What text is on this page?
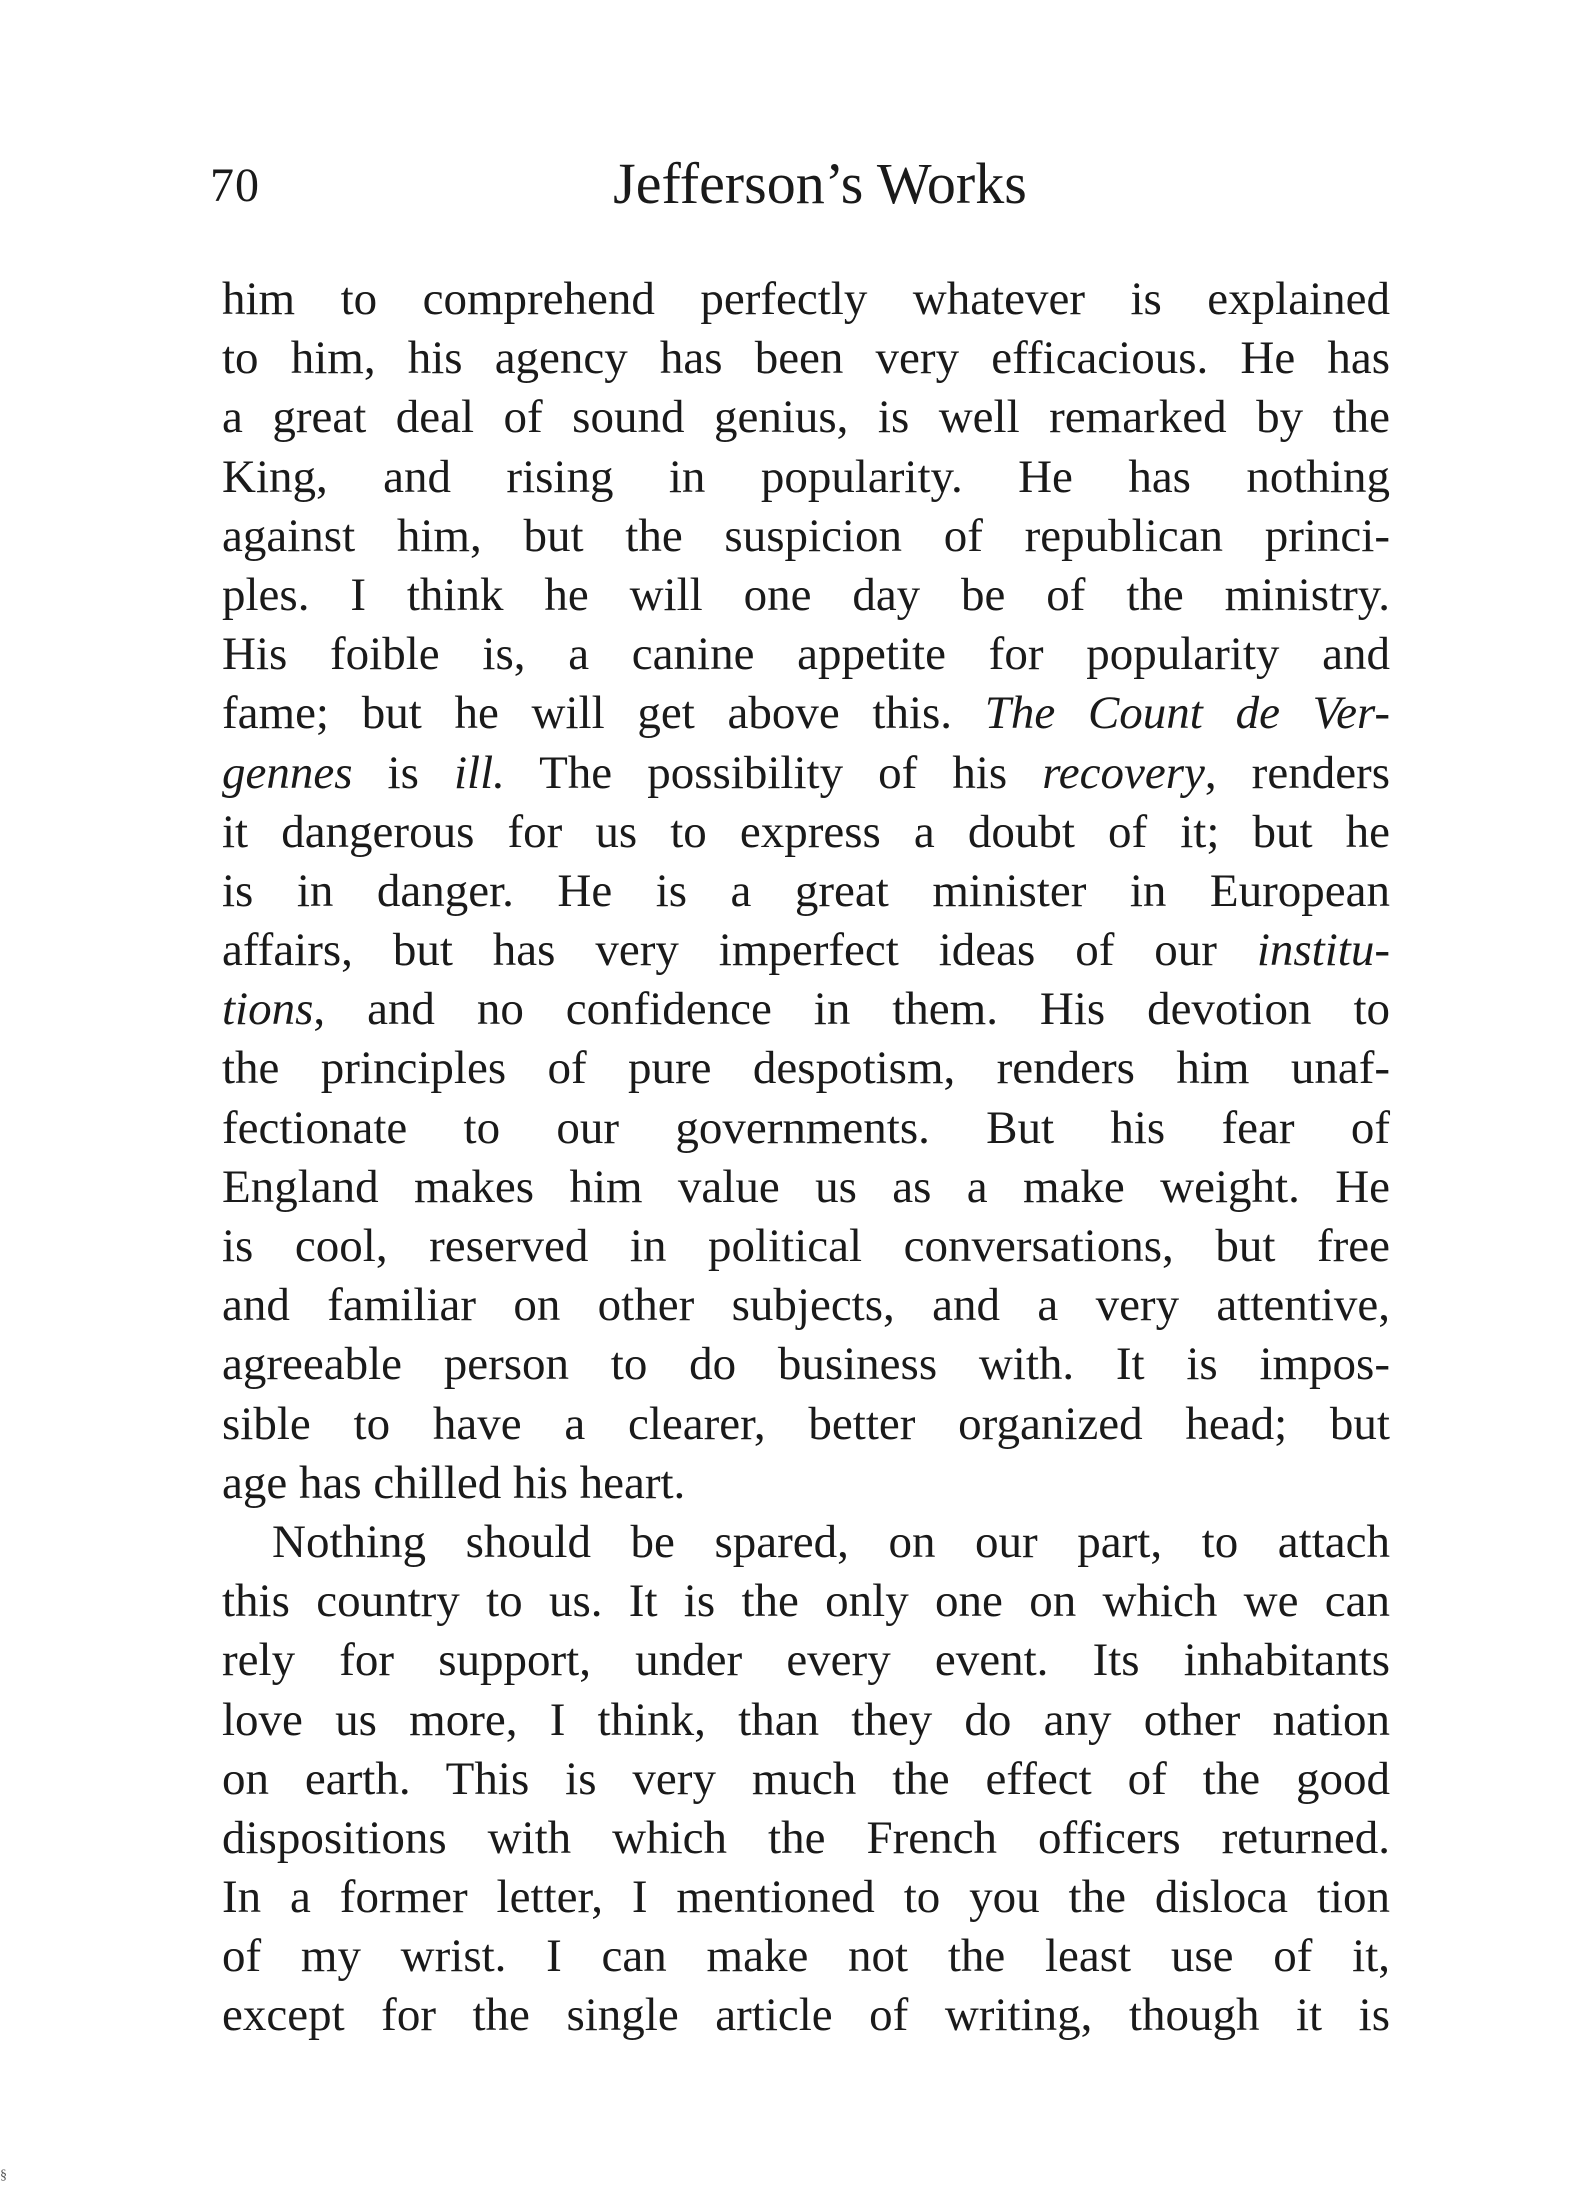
70	Jefferson’s Works
him to comprehend perfectly whatever is explained
to him, his agency has been very efficacious. He has
a great deal of sound genius, is well remarked by the
King, and rising in popularity. He has nothing
against him, but the suspicion of republican princi-
ples. I think he will one day be of the ministry.
His foible is, a canine appetite for popularity and
fame; but he will get above this. The Count de Ver-
gennes is ill. The possibility of his recovery, renders
it dangerous for us to express a doubt of it; but he
is in danger. He is a great minister in European
affairs, but has very imperfect ideas of our institu-
tions, and no confidence in them. His devotion to
the principles of pure despotism, renders him unaf-
fectionate to our governments. But his fear of
England makes him value us as a make weight. He
is cool, reserved in political conversations, but free
and familiar on other subjects, and a very attentive,
agreeable person to do business with. It is impos-
sible to have a clearer, better organized head; but
age has chilled his heart.
Nothing should be spared, on our part, to attach
this country to us. It is the only one on which we can
rely for support, under every event. Its inhabitants
love us more, I think, than they do any other nation
on earth. This is very much the effect of the good
dispositions with which the French officers returned.
In a former letter, I mentioned to you the disloca tion
of my wrist. I can make not the least use of it,
except for the single article of writing, though it is
§
